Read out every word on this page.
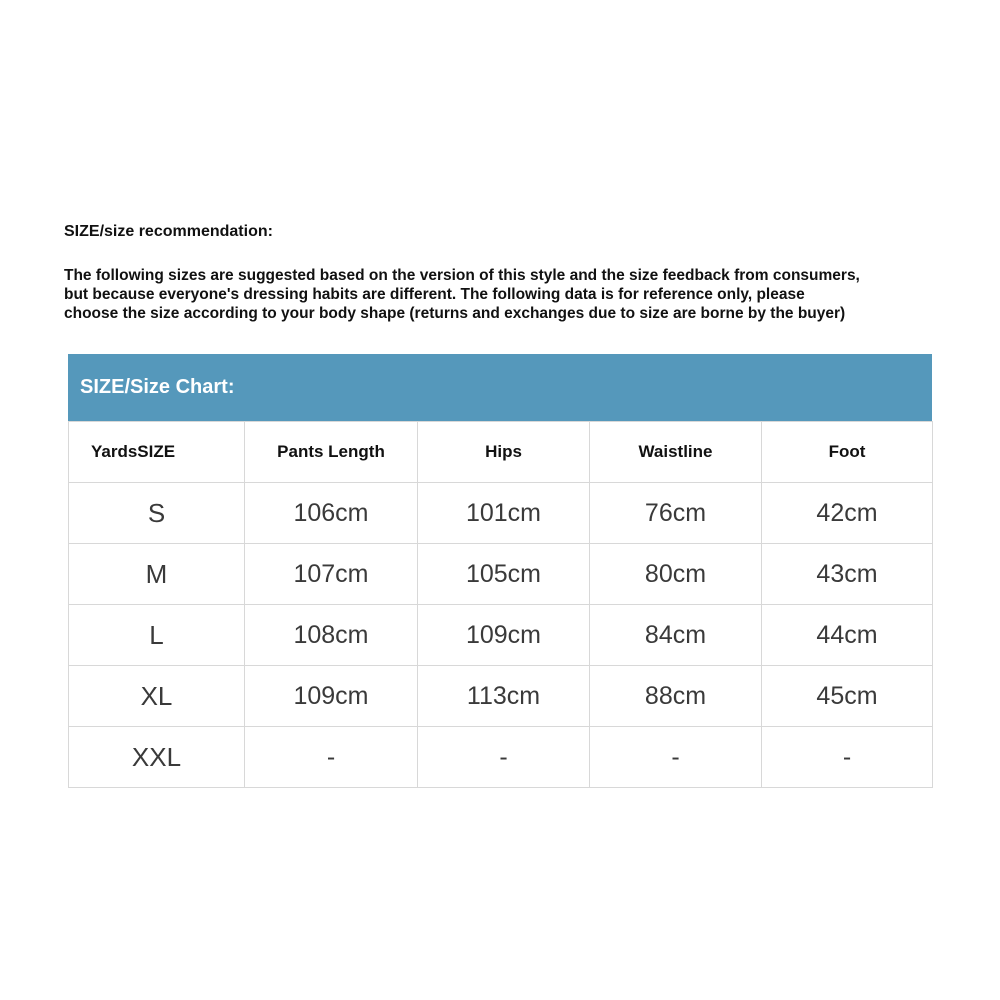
SIZE/size recommendation:
The following sizes are suggested based on the version of this style and the size feedback from consumers,
but because everyone's dressing habits are different. The following data is for reference only, please
choose the size according to your body shape (returns and exchanges due to size are borne by the buyer)
SIZE/Size Chart:
YardsSIZE	Pants Length	Hips	Waistline	Foot
S	106cm	101cm	76cm	42cm
M	107cm	105cm	80cm	43cm
L	108cm	109cm	84cm	44cm
XL	109cm	113cm	88cm	45cm
XXL	-	-	-	-
